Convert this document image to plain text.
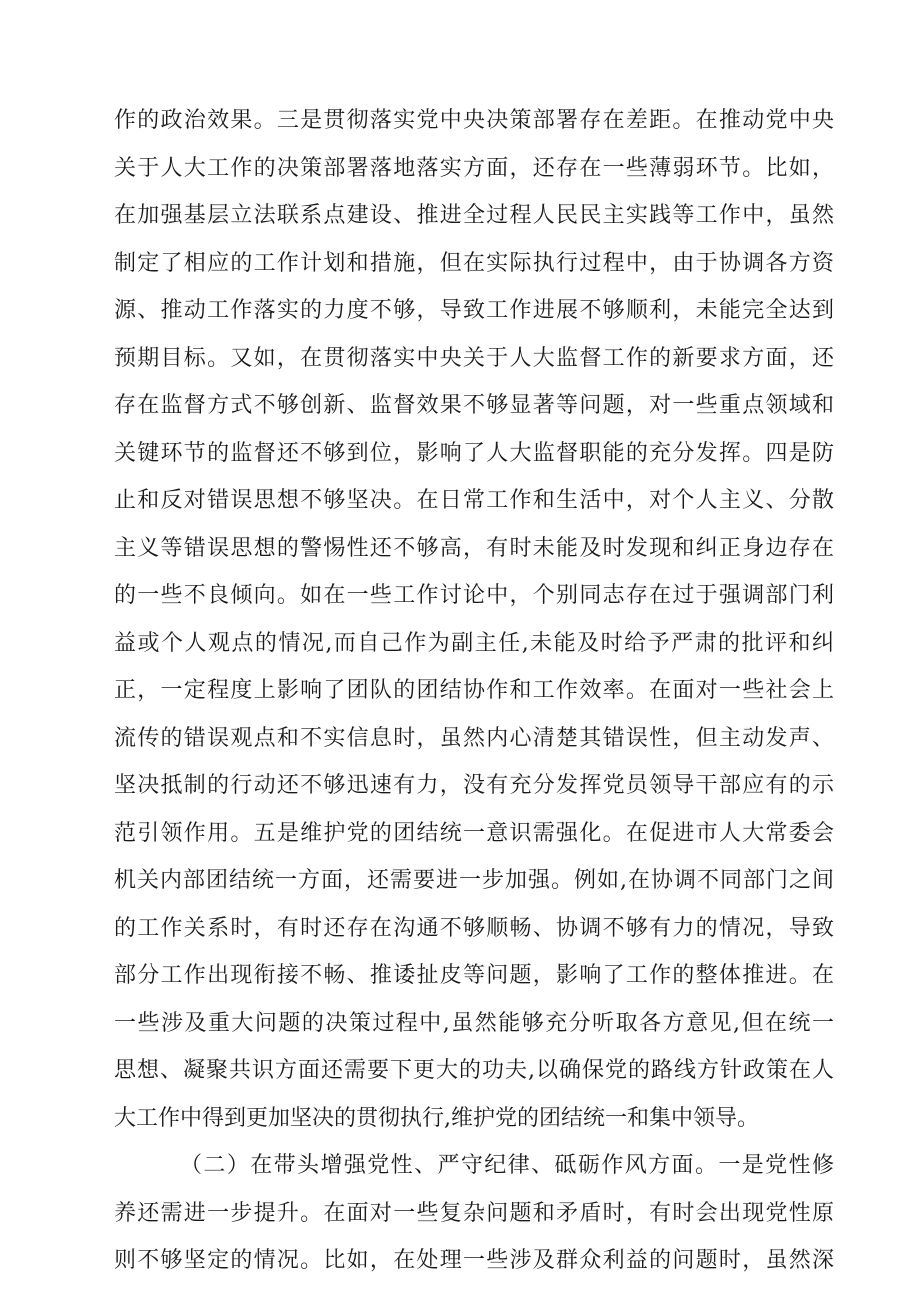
作的政治效果。三是贯彻落实党中央决策部署存在差距。在推动党中央
关于人大工作的决策部署落地落实方面，还存在一些薄弱环节。比如，
在加强基层立法联系点建设、推进全过程人民民主实践等工作中，虽然
制定了相应的工作计划和措施，但在实际执行过程中，由于协调各方资
源、推动工作落实的力度不够，导致工作进展不够顺利，未能完全达到
预期目标。又如，在贯彻落实中央关于人大监督工作的新要求方面，还
存在监督方式不够创新、监督效果不够显著等问题，对一些重点领域和
关键环节的监督还不够到位，影响了人大监督职能的充分发挥。四是防
止和反对错误思想不够坚决。在日常工作和生活中，对个人主义、分散
主义等错误思想的警惕性还不够高，有时未能及时发现和纠正身边存在
的一些不良倾向。如在一些工作讨论中，个别同志存在过于强调部门利
益或个人观点的情况,而自己作为副主任,未能及时给予严肃的批评和纠
正，一定程度上影响了团队的团结协作和工作效率。在面对一些社会上
流传的错误观点和不实信息时，虽然内心清楚其错误性，但主动发声、
坚决抵制的行动还不够迅速有力，没有充分发挥党员领导干部应有的示
范引领作用。五是维护党的团结统一意识需强化。在促进市人大常委会
机关内部团结统一方面，还需要进一步加强。例如,在协调不同部门之间
的工作关系时，有时还存在沟通不够顺畅、协调不够有力的情况，导致
部分工作出现衔接不畅、推诿扯皮等问题，影响了工作的整体推进。在
一些涉及重大问题的决策过程中,虽然能够充分听取各方意见,但在统一
思想、凝聚共识方面还需要下更大的功夫,以确保党的路线方针政策在人
大工作中得到更加坚决的贯彻执行,维护党的团结统一和集中领导。
（二）在带头增强党性、严守纪律、砥砺作风方面。一是党性修
养还需进一步提升。在面对一些复杂问题和矛盾时，有时会出现党性原
则不够坚定的情况。比如，在处理一些涉及群众利益的问题时，虽然深
